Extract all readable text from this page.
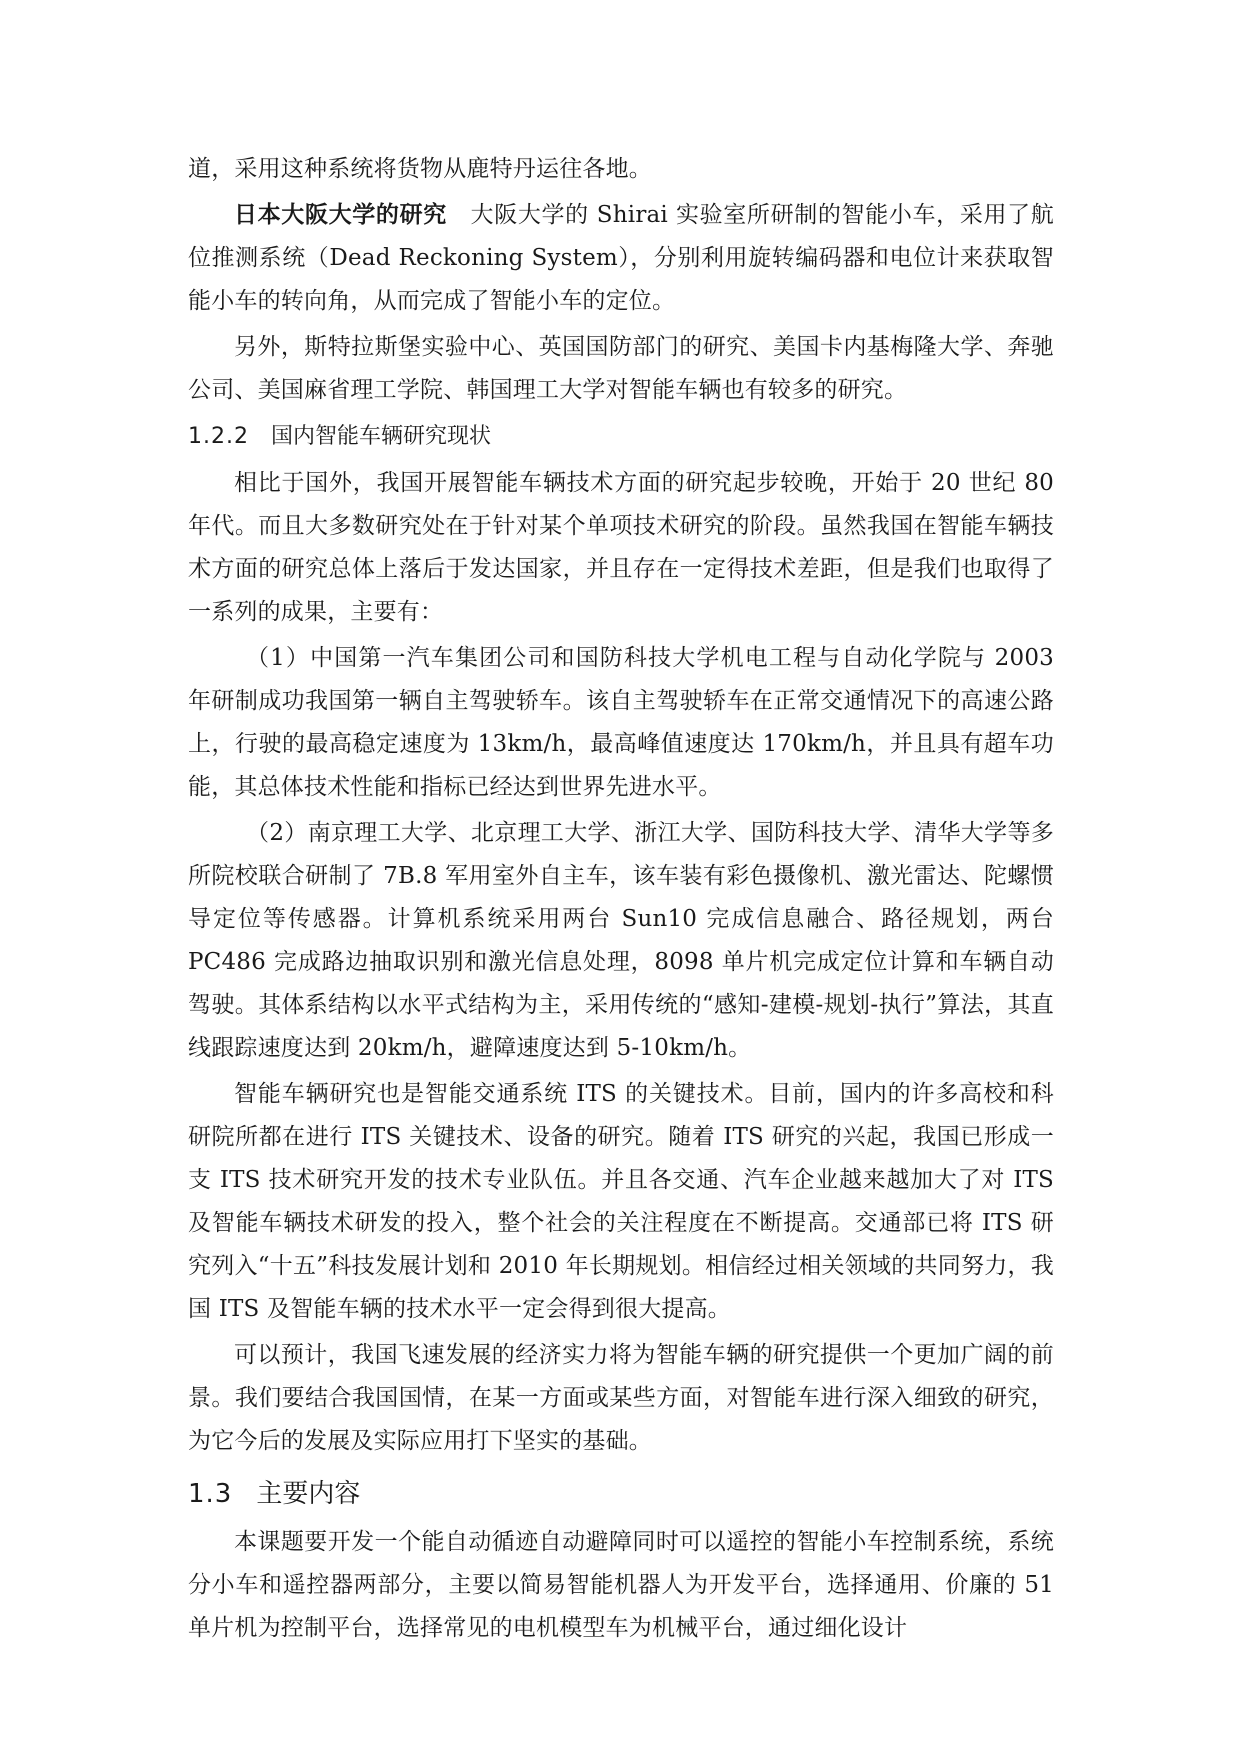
道，采用这种系统将货物从鹿特丹运往各地。

日本大阪大学的研究　大阪大学的 Shirai 实验室所研制的智能小车，采用了航位推测系统（Dead Reckoning System），分别利用旋转编码器和电位计来获取智能小车的转向角，从而完成了智能小车的定位。

另外，斯特拉斯堡实验中心、英国国防部门的研究、美国卡内基梅隆大学、奔驰公司、美国麻省理工学院、韩国理工大学对智能车辆也有较多的研究。

1.2.2 国内智能车辆研究现状

相比于国外，我国开展智能车辆技术方面的研究起步较晚，开始于 20 世纪 80 年代。而且大多数研究处在于针对某个单项技术研究的阶段。虽然我国在智能车辆技术方面的研究总体上落后于发达国家，并且存在一定得技术差距，但是我们也取得了一系列的成果，主要有：

（1）中国第一汽车集团公司和国防科技大学机电工程与自动化学院与 2003 年研制成功我国第一辆自主驾驶轿车。该自主驾驶轿车在正常交通情况下的高速公路上，行驶的最高稳定速度为 13km/h，最高峰值速度达 170km/h，并且具有超车功能，其总体技术性能和指标已经达到世界先进水平。

（2）南京理工大学、北京理工大学、浙江大学、国防科技大学、清华大学等多所院校联合研制了 7B.8 军用室外自主车，该车装有彩色摄像机、激光雷达、陀螺惯导定位等传感器。计算机系统采用两台 Sun10 完成信息融合、路径规划，两台 PC486 完成路边抽取识别和激光信息处理，8098 单片机完成定位计算和车辆自动驾驶。其体系结构以水平式结构为主，采用传统的“感知-建模-规划-执行”算法，其直线跟踪速度达到 20km/h，避障速度达到 5-10km/h。

智能车辆研究也是智能交通系统 ITS 的关键技术。目前，国内的许多高校和科研院所都在进行 ITS 关键技术、设备的研究。随着 ITS 研究的兴起，我国已形成一支 ITS 技术研究开发的技术专业队伍。并且各交通、汽车企业越来越加大了对 ITS 及智能车辆技术研发的投入，整个社会的关注程度在不断提高。交通部已将 ITS 研究列入“十五”科技发展计划和 2010 年长期规划。相信经过相关领域的共同努力，我国 ITS 及智能车辆的技术水平一定会得到很大提高。

可以预计，我国飞速发展的经济实力将为智能车辆的研究提供一个更加广阔的前景。我们要结合我国国情，在某一方面或某些方面，对智能车进行深入细致的研究，为它今后的发展及实际应用打下坚实的基础。

1.3 主要内容

本课题要开发一个能自动循迹自动避障同时可以遥控的智能小车控制系统，系统分小车和遥控器两部分，主要以简易智能机器人为开发平台，选择通用、价廉的 51 单片机为控制平台，选择常见的电机模型车为机械平台，通过细化设计
